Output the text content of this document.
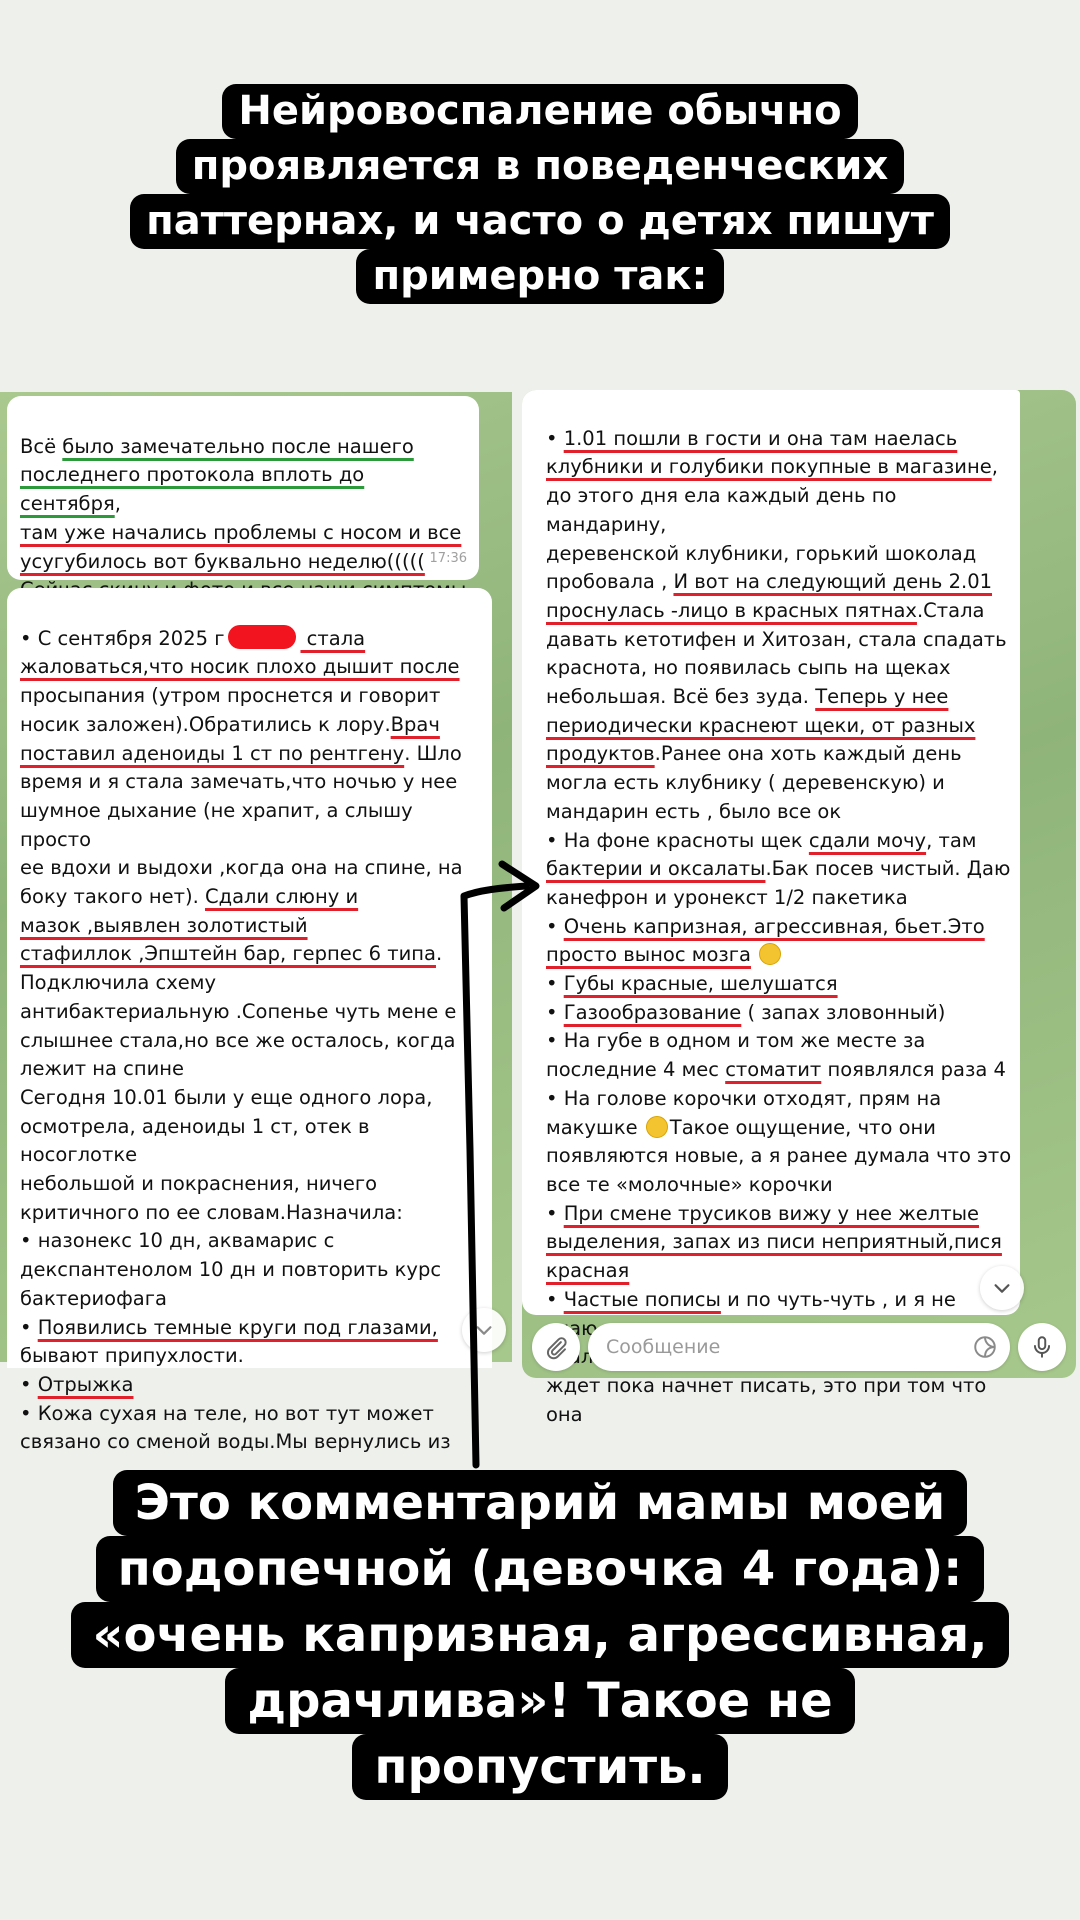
Нейровоспаление обычно
проявляется в поведенческих
паттернах, и часто о детях пишут
примерно так:

Всё было замечательно после нашего
последнего протокола вплоть до сентября,
там уже начались проблемы с носом и все
усугубилось вот буквально неделю((((( 17:36

• С сентября 2025 г	стала
жаловаться,что носик плохо дышит после
просыпания (утром проснется и говорит
носик заложен).Обратились к лору.Врач
поставил аденоиды 1 ст по рентгену. Шло
время и я стала замечать,что ночью у нее
шумное дыхание (не храпит, а слышу просто
ее вдохи и выдохи ,когда она на спине, на
боку такого нет). Сдали слюну и
мазок ,выявлен золотистый
стафиллок ,Эпштейн бар, герпес 6 типа.
Подключила схему
антибактериальную .Сопенье чуть мене е
слышнее стала,но все же осталось, когда
лежит на спине
Сегодня 10.01 были у еще одного лора,
осмотрела, аденоиды 1 ст, отек в носоглотке
небольшой и покраснения, ничего
критичного по ее словам.Назначила:
• назонекс 10 дн, аквамарис с
декспантенолом 10 дн и повторить курс
бактериофага
• Появились темные круги под глазами,
бывают припухлости.
• Отрыжка
• Кожа сухая на теле, но вот тут может
связано со сменой воды.Мы вернулись из

• 1.01 пошли в гости и она там наелась
клубники и голубики покупные в магазине,
до этого дня ела каждый день по мандарину,
деревенской клубники, горький шоколад
пробовала , И вот на следующий день 2.01
проснулась -лицо в красных пятнах.Стала
давать кетотифен и Хитозан, стала спадать
краснота, но появилась сыпь на щеках
небольшая. Всё без зуда. Теперь у нее
периодически краснеют щеки, от разных
продуктов.Ранее она хоть каждый день
могла есть клубнику ( деревенскую) и
мандарин есть , было все ок
• На фоне красноты щек сдали мочу, там
бактерии и оксалаты.Бак посев чистый. Даю
канефрон и уронекст 1/2 пакетика
• Очень капризная, агрессивная, бьет.Это
просто вынос мозга
• Губы красные, шелушатся
• Газообразование ( запах зловонный)
• На губе в одном и том же месте за
последние 4 мес стоматит появлялся раза 4
• На голове корочки отходят, прям на
макушке Такое ощущение, что они
появляются новые, а я ранее думала что это
все те «молочные» корочки
• При смене трусиков вижу у нее желтые
выделения, запах из писи неприятный,пися
красная
• Частые пописы и по чуть-чуть , и я не

туалет
ждет пока начнет писать, это при том что она

Сообщение
Это комментарий мамы моей
подопечной (девочка 4 года):
«очень капризная, агрессивная,
драчлива»! Такое не
пропустить.
